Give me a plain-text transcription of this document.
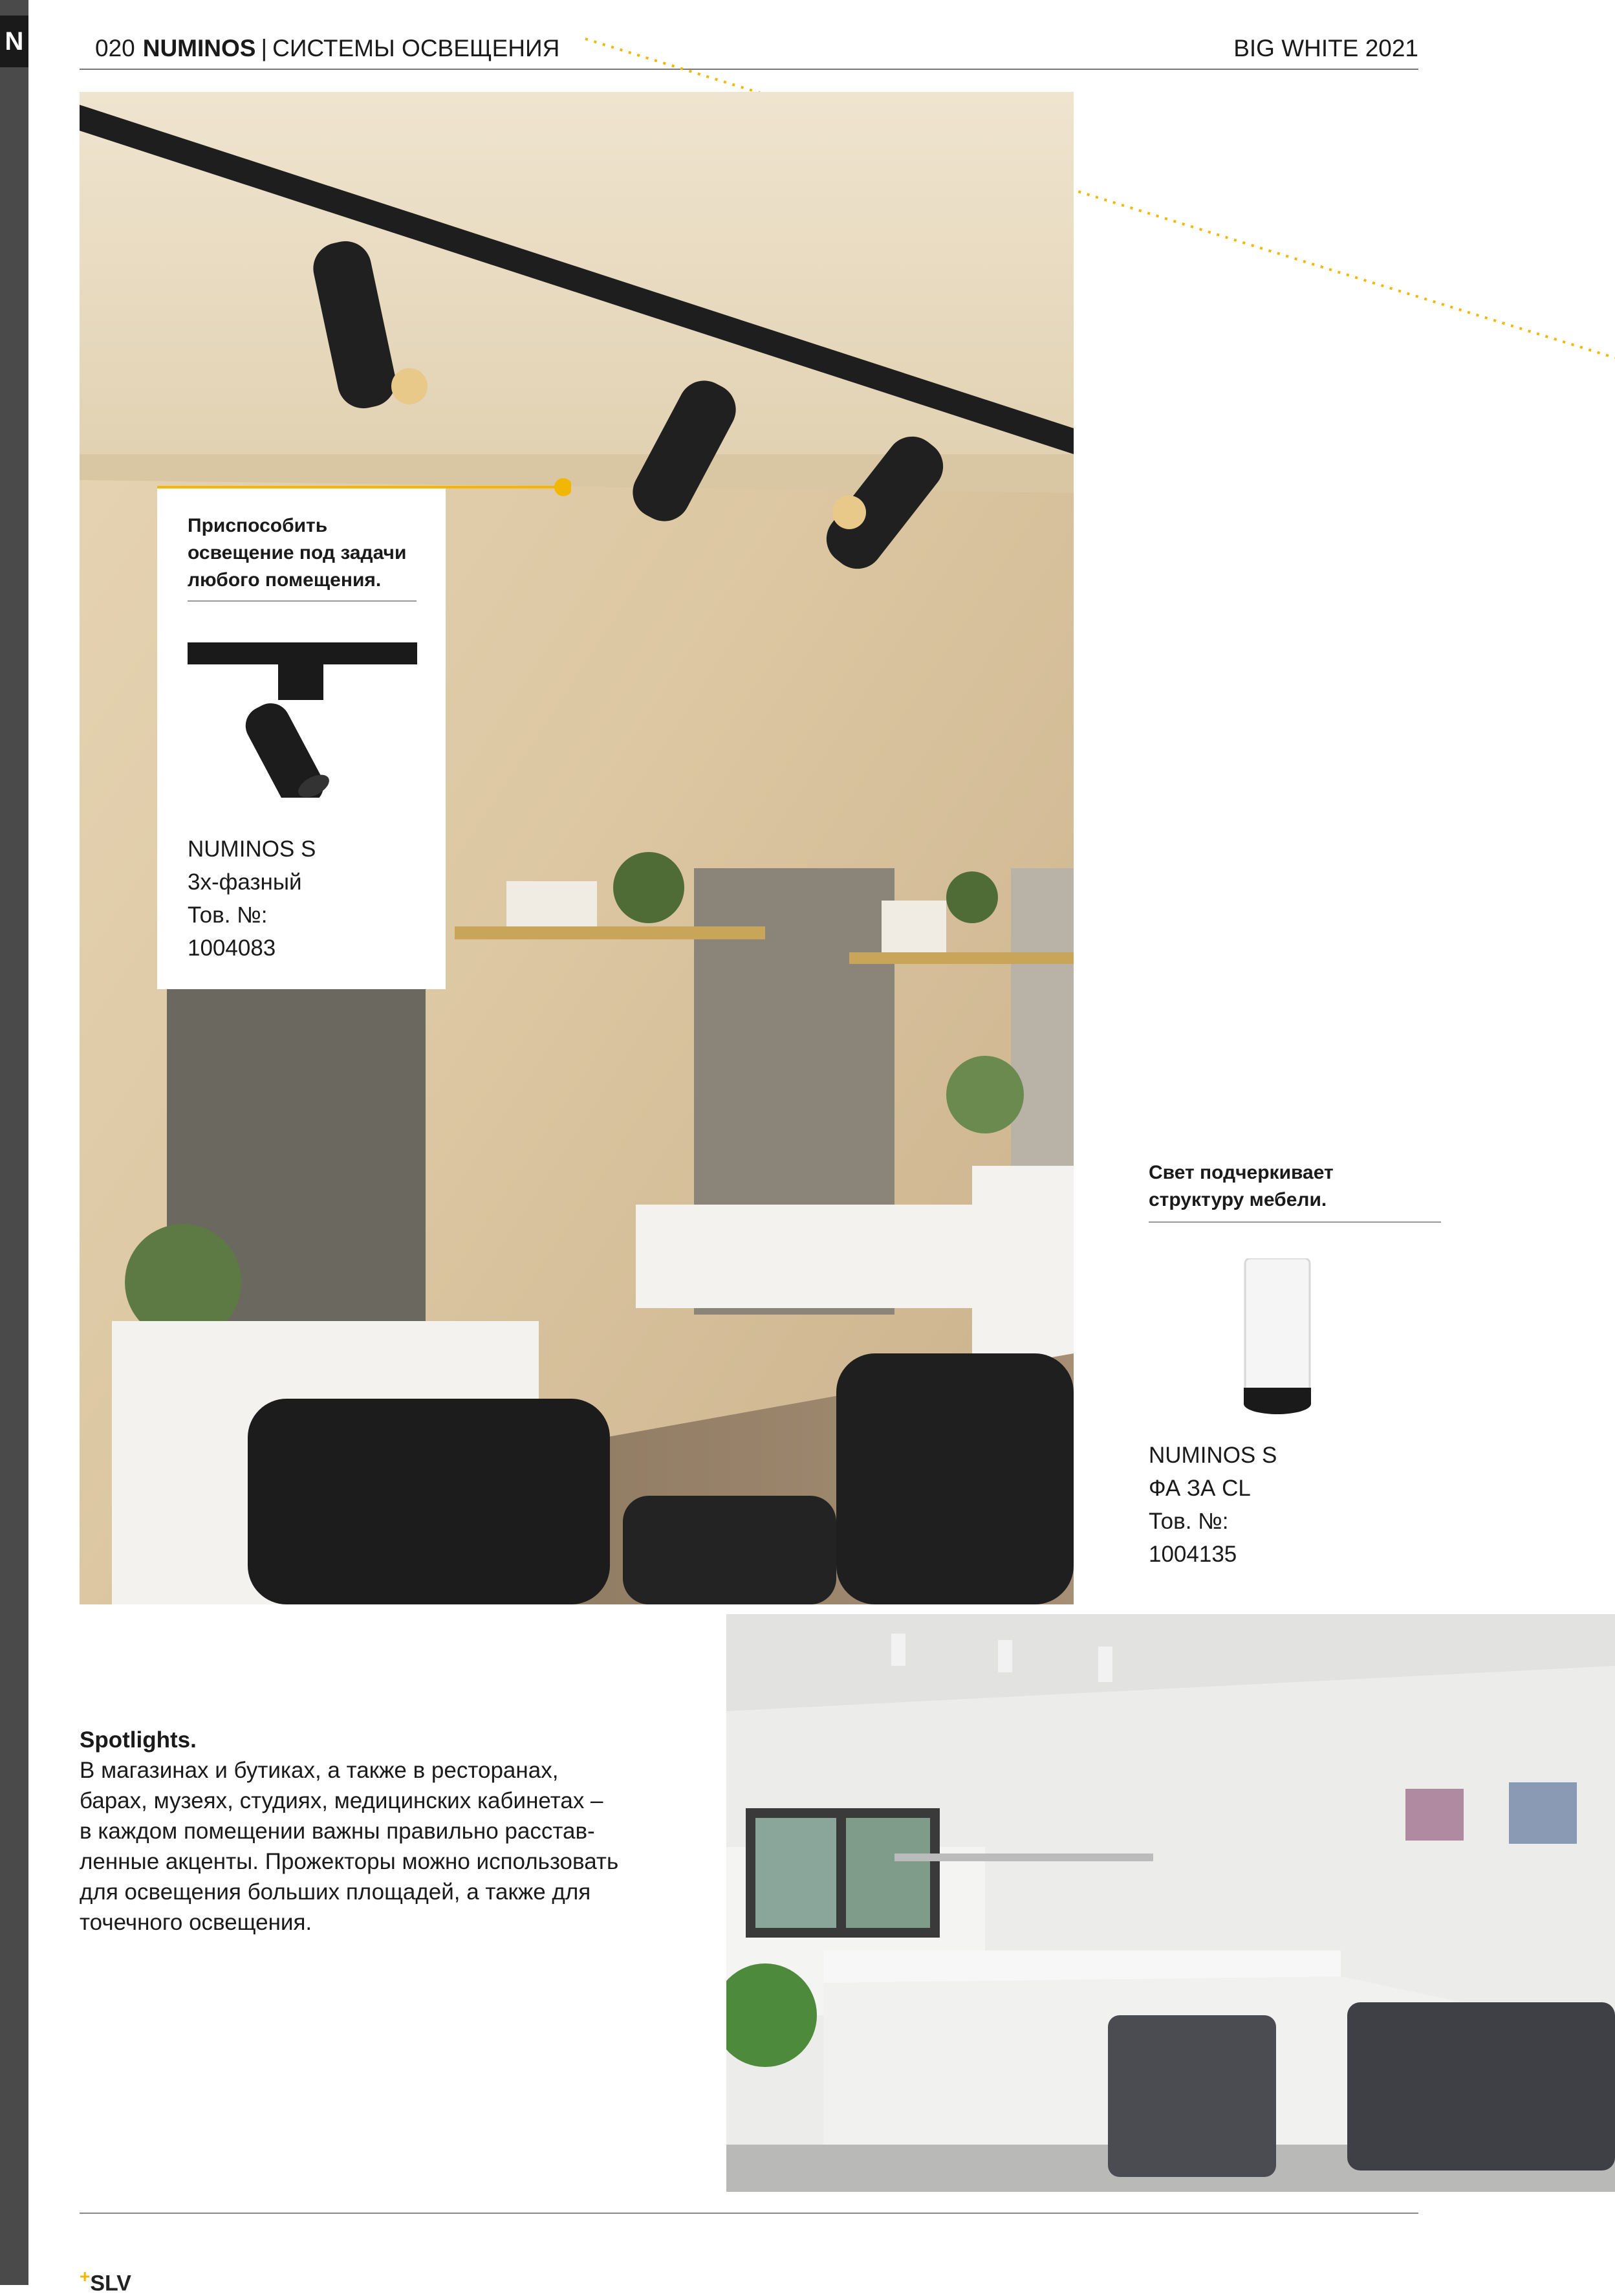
N	020 NUMINOS | СИСТЕМЫ ОСВЕЩЕНИЯ	BIG WHITE 2021
Приспособить
освещение под задачи
любого помещения.
NUMINOS S
3х-фазный
Тов. №:
1004083
Свет подчеркивает
структуру мебели.
NUMINOS S
ФА ЗА CL
Тов. №:
1004135
Spotlights.
В магазинах и бутиках, а также в ресторанах,
барах, музеях, студиях, медицинских кабинетах –
в каждом помещении важны правильно расстав-
ленные акценты. Прожекторы можно использовать
для освещения больших площадей, а также для
точечного освещения.
+SLV
